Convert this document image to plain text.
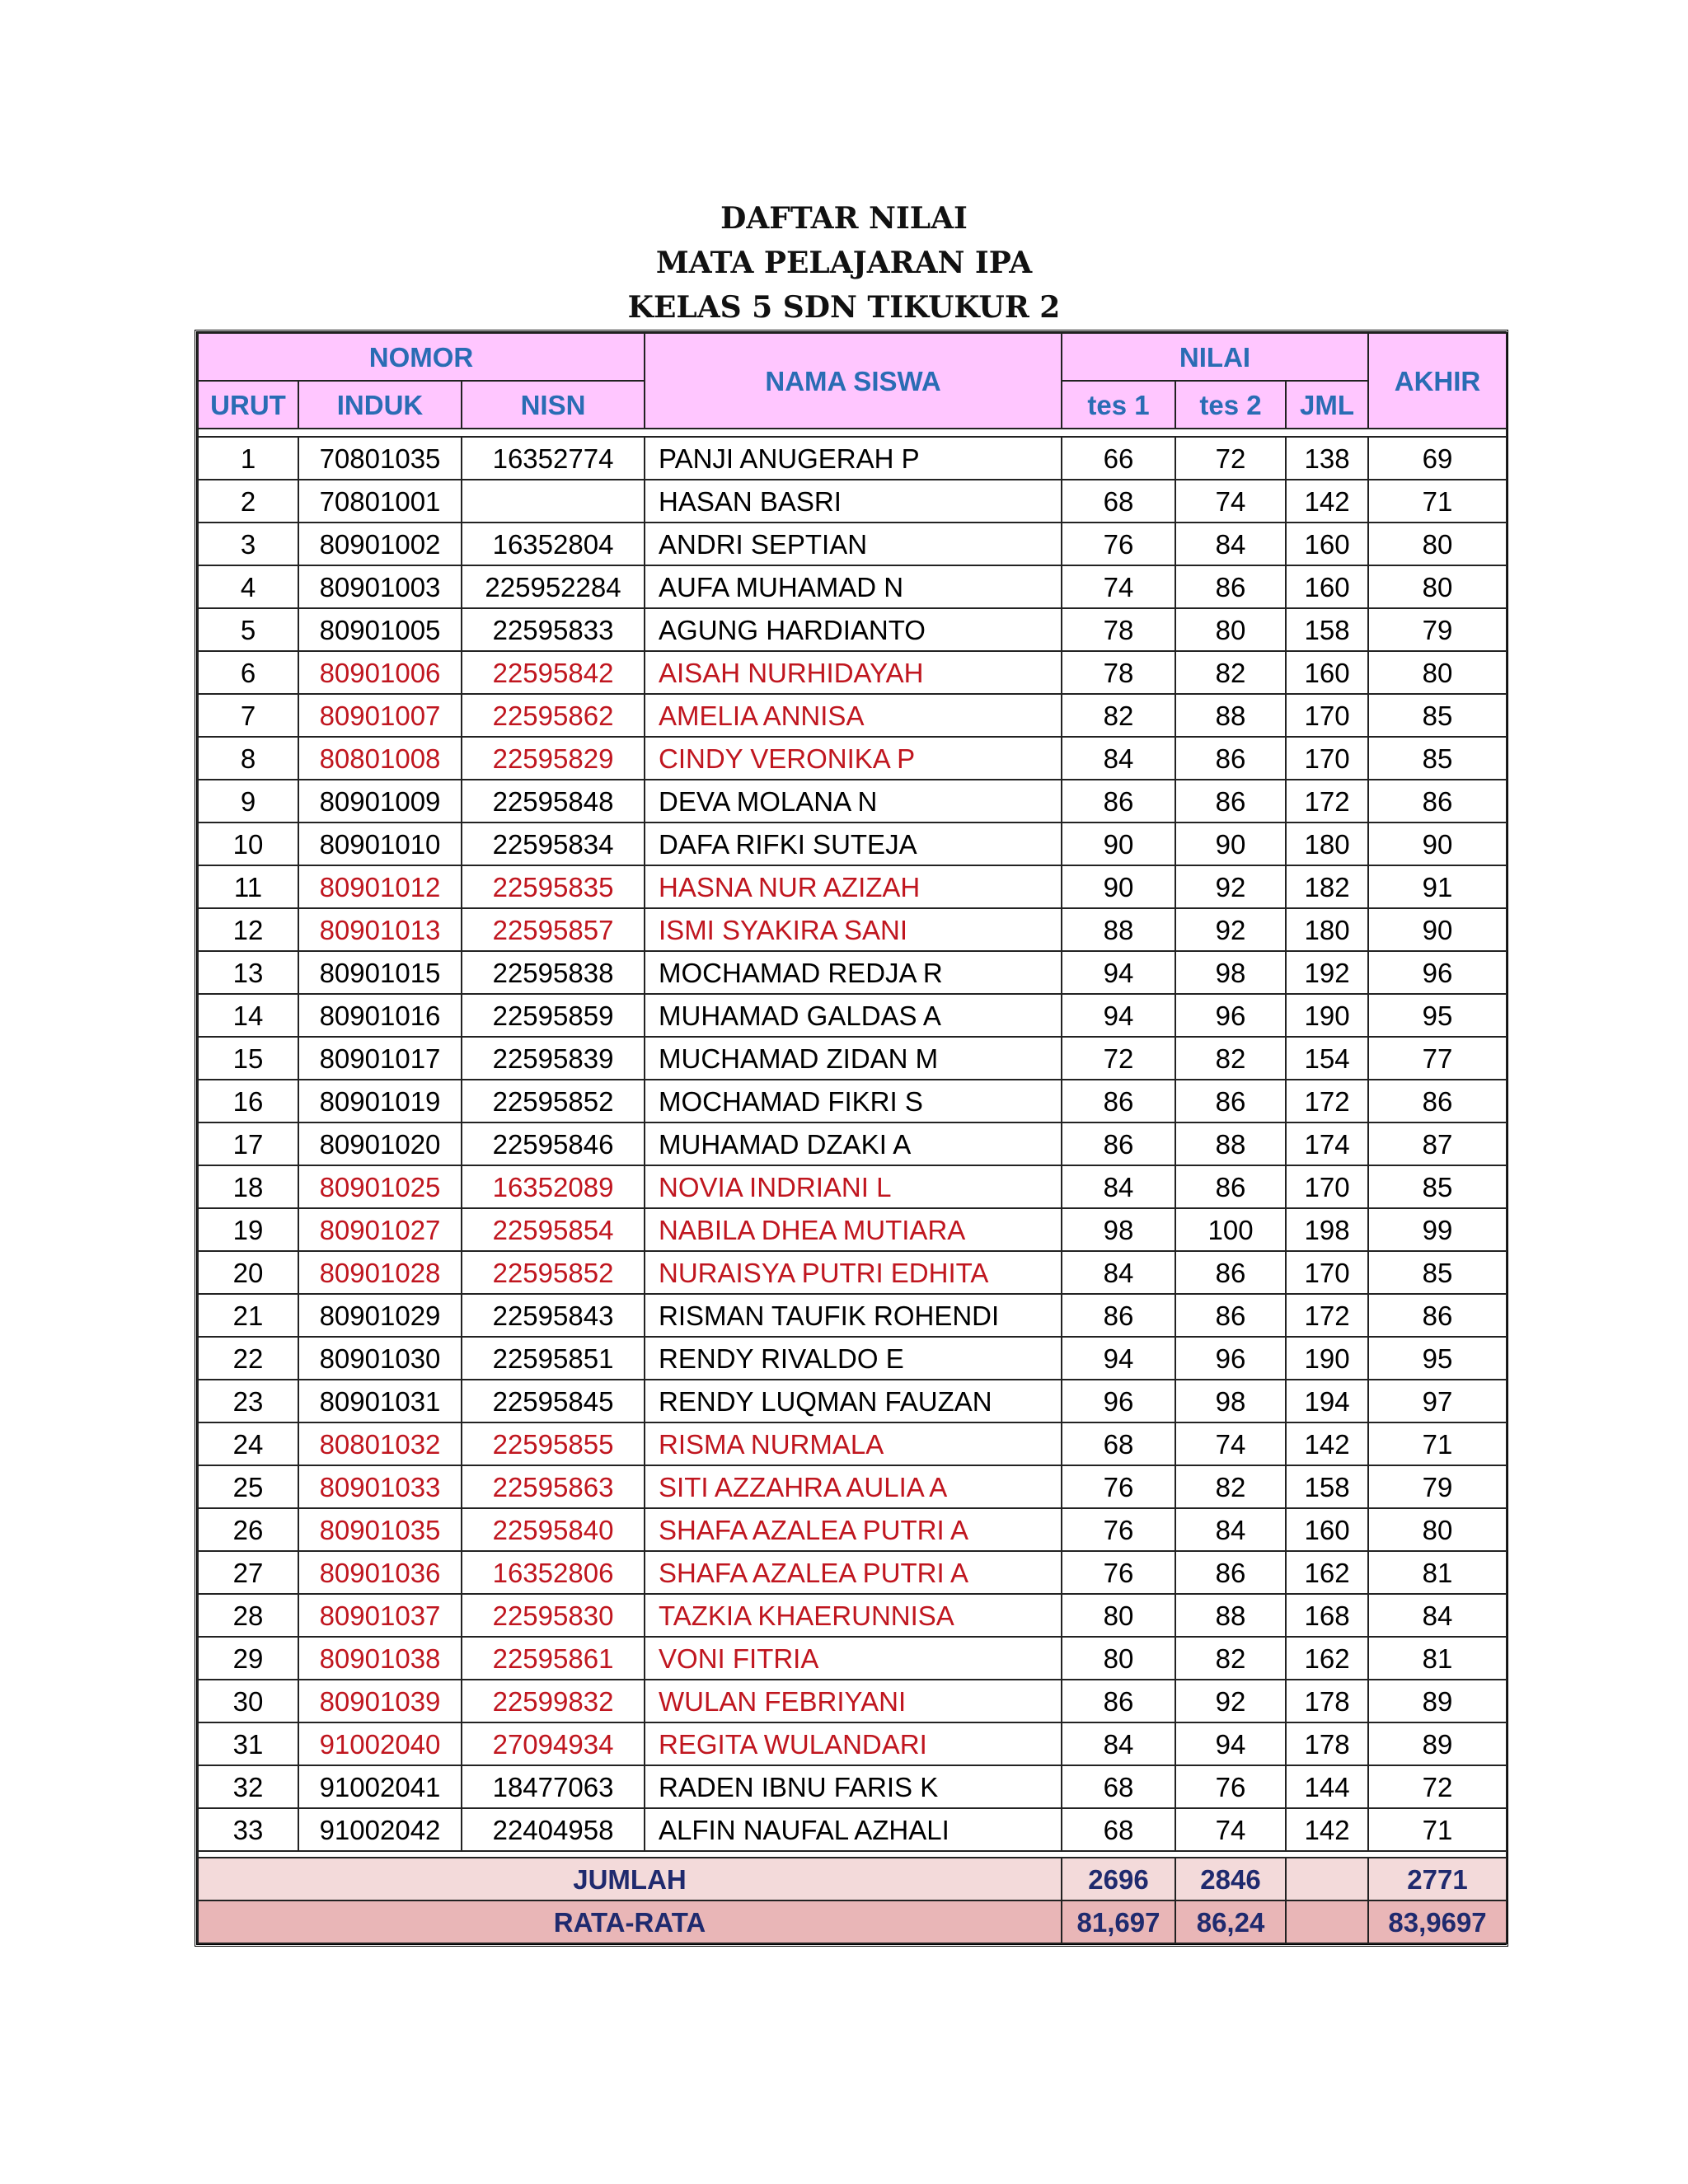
DAFTAR NILAI
MATA PELAJARAN IPA
KELAS 5 SDN TIKUKUR 2
NOMOR			NAMA SISWA	NILAI			AKHIR
URUT	INDUK	NISN		tes 1	tes 2	JML	

1	70801035	16352774	PANJI ANUGERAH P	66	72	138	69
2	70801001		HASAN BASRI	68	74	142	71
3	80901002	16352804	ANDRI SEPTIAN	76	84	160	80
4	80901003	225952284	AUFA MUHAMAD N	74	86	160	80
5	80901005	22595833	AGUNG HARDIANTO	78	80	158	79
6	80901006	22595842	AISAH NURHIDAYAH	78	82	160	80
7	80901007	22595862	AMELIA ANNISA	82	88	170	85
8	80801008	22595829	CINDY VERONIKA P	84	86	170	85
9	80901009	22595848	DEVA MOLANA N	86	86	172	86
10	80901010	22595834	DAFA RIFKI SUTEJA	90	90	180	90
11	80901012	22595835	HASNA NUR AZIZAH	90	92	182	91
12	80901013	22595857	ISMI SYAKIRA SANI	88	92	180	90
13	80901015	22595838	MOCHAMAD REDJA R	94	98	192	96
14	80901016	22595859	MUHAMAD GALDAS A	94	96	190	95
15	80901017	22595839	MUCHAMAD ZIDAN M	72	82	154	77
16	80901019	22595852	MOCHAMAD FIKRI S	86	86	172	86
17	80901020	22595846	MUHAMAD DZAKI A	86	88	174	87
18	80901025	16352089	NOVIA INDRIANI L	84	86	170	85
19	80901027	22595854	NABILA DHEA MUTIARA	98	100	198	99
20	80901028	22595852	NURAISYA PUTRI EDHITA	84	86	170	85
21	80901029	22595843	RISMAN TAUFIK ROHENDI	86	86	172	86
22	80901030	22595851	RENDY RIVALDO E	94	96	190	95
23	80901031	22595845	RENDY LUQMAN FAUZAN	96	98	194	97
24	80801032	22595855	RISMA NURMALA	68	74	142	71
25	80901033	22595863	SITI AZZAHRA AULIA A	76	82	158	79
26	80901035	22595840	SHAFA AZALEA PUTRI A	76	84	160	80
27	80901036	16352806	SHAFA AZALEA PUTRI A	76	86	162	81
28	80901037	22595830	TAZKIA KHAERUNNISA	80	88	168	84
29	80901038	22595861	VONI FITRIA	80	82	162	81
30	80901039	22599832	WULAN FEBRIYANI	86	92	178	89
31	91002040	27094934	REGITA WULANDARI	84	94	178	89
32	91002041	18477063	RADEN IBNU FARIS K	68	76	144	72
33	91002042	22404958	ALFIN NAUFAL AZHALI	68	74	142	71

JUMLAH				2696	2846		2771
RATA-RATA				81,697	86,24		83,9697
